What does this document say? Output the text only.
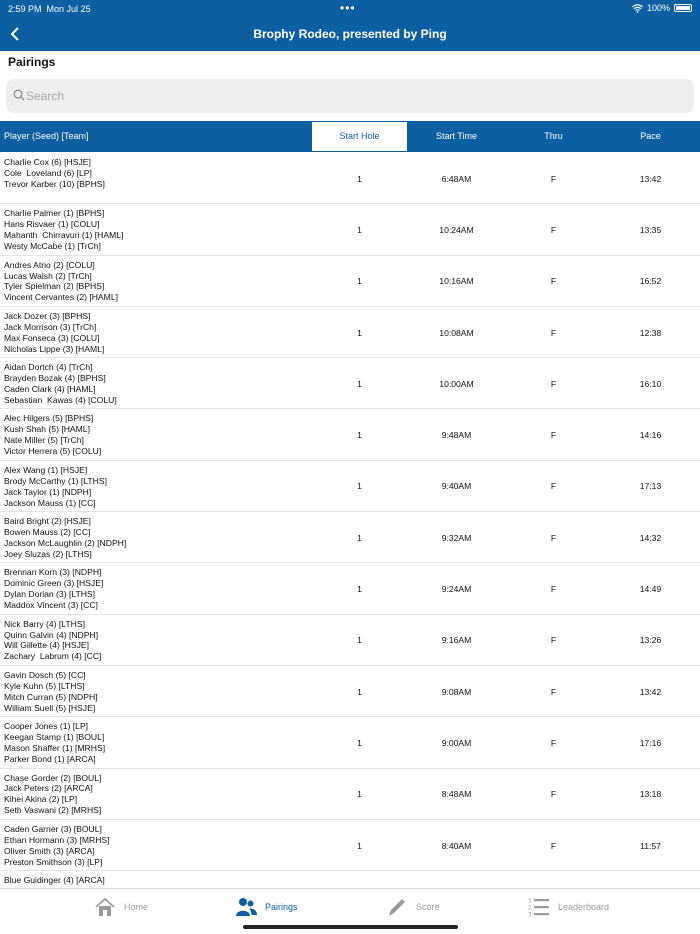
2:59 PM Mon Jul 25	•••	100%
Brophy Rodeo, presented by Ping
Pairings
Search
Player (Seed) [Team]	Start Hole	Start Time	Thru	Pace
Charlie Cox (6) [HSJE]
Cole  Loveland (6) [LP]
Trevor Karber (10) [BPHS]
1	6:48AM	F	13:42
Charlie Palmer (1) [BPHS]
Hans Risvaer (1) [COLU]
Mahanth  Chirravuri (1) [HAML]
Westy McCabe (1) [TrCh]
1	10:24AM	F	13:35
Andres Atrio (2) [COLU]
Lucas Walsh (2) [TrCh]
Tyler Spielman (2) [BPHS]
Vincent Cervantes (2) [HAML]
1	10:16AM	F	16:52
Jack Dozer (3) [BPHS]
Jack Morrison (3) [TrCh]
Max Fonseca (3) [COLU]
Nicholas Lippe (3) [HAML]
1	10:08AM	F	12:38
Aidan Dortch (4) [TrCh]
Brayden Bozak (4) [BPHS]
Caden Clark (4) [HAML]
Sebastian  Kawas (4) [COLU]
1	10:00AM	F	16:10
Alec Hilgers (5) [BPHS]
Kush Shah (5) [HAML]
Nate Miller (5) [TrCh]
Victor Herrera (5) [COLU]
1	9:48AM	F	14:16
Alex Wang (1) [HSJE]
Brody McCarthy (1) [LTHS]
Jack Taylor (1) [NDPH]
Jackson Mauss (1) [CC]
1	9:40AM	F	17:13
Baird Bright (2) [HSJE]
Bowen Mauss (2) [CC]
Jackson McLaughlin (2) [NDPH]
Joey Sluzas (2) [LTHS]
1	9:32AM	F	14:32
Brennan Korn (3) [NDPH]
Dominic Green (3) [HSJE]
Dylan Dorian (3) [LTHS]
Maddox Vincent (3) [CC]
1	9:24AM	F	14:49
Nick Barry (4) [LTHS]
Quinn Galvin (4) [NDPH]
Will Gillette (4) [HSJE]
Zachary  Labrum (4) [CC]
1	9:16AM	F	13:26
Gavin Dosch (5) [CC]
Kyle Kuhn (5) [LTHS]
Mitch Curran (5) [NDPH]
William Suell (5) [HSJE]
1	9:08AM	F	13:42
Cooper Jones (1) [LP]
Keegan Stamp (1) [BOUL]
Mason Shaffer (1) [MRHS]
Parker Bond (1) [ARCA]
1	9:00AM	F	17:16
Chase Gorder (2) [BOUL]
Jack Peters (2) [ARCA]
Kihei Akina (2) [LP]
Seth Vaswani (2) [MRHS]
1	8:48AM	F	13:18
Caden Garner (3) [BOUL]
Ethan Hormann (3) [MRHS]
Oliver Smith (3) [ARCA]
Preston Smithson (3) [LP]
1	8:40AM	F	11:57
Blue Guidinger (4) [ARCA]
Home	Pairings	Score
1
2
3
Leaderboard
